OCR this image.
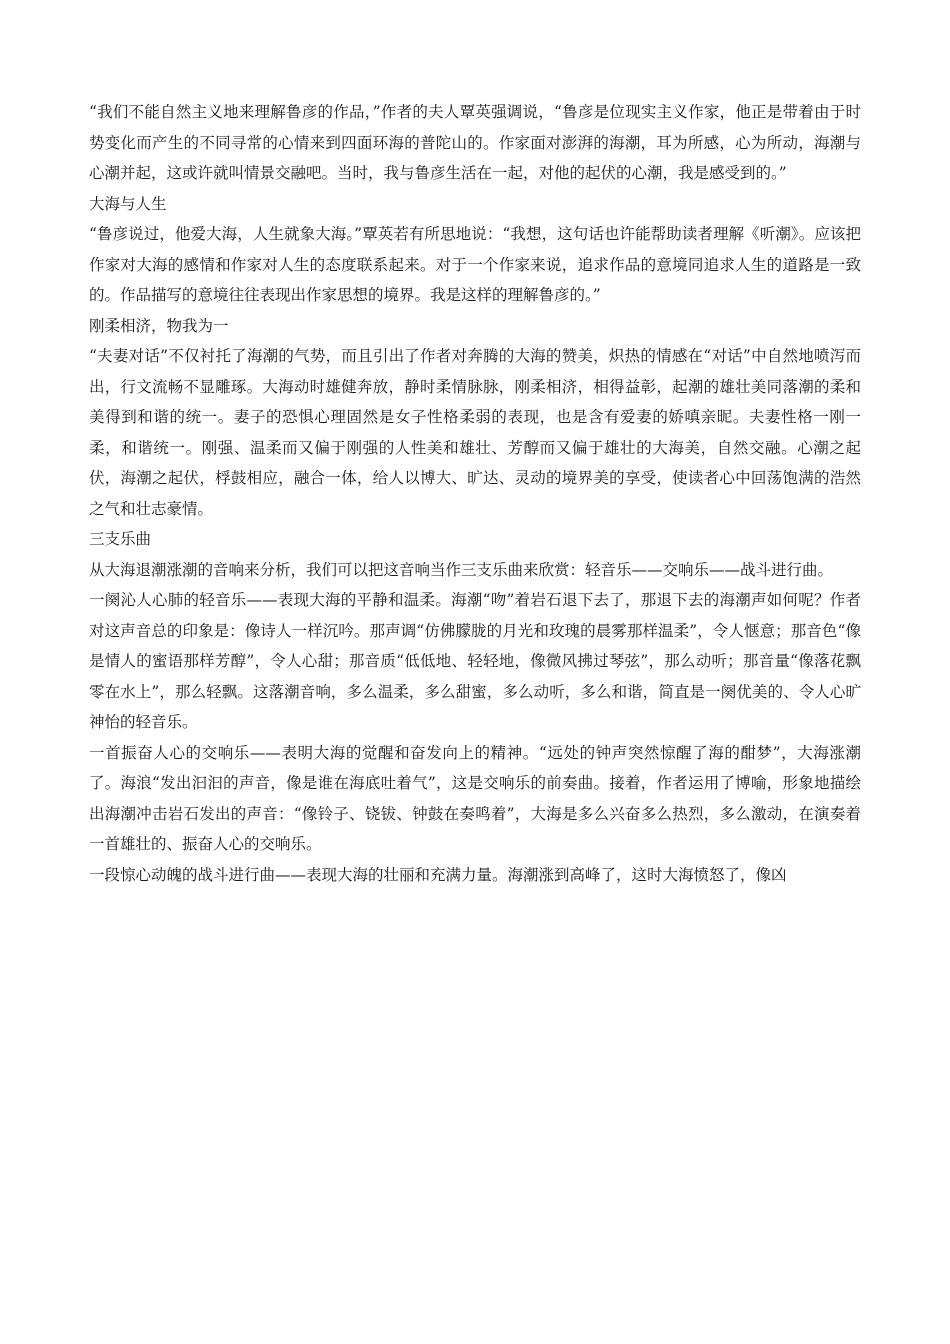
“我们不能自然主义地来理解鲁彦的作品，”作者的夫人覃英强调说，“鲁彦是位现实主义作家，他正是带着由于时势变化而产生的不同寻常的心情来到四面环海的普陀山的。作家面对澎湃的海潮，耳为所感，心为所动，海潮与心潮并起，这或许就叫情景交融吧。当时，我与鲁彦生活在一起，对他的起伏的心潮，我是感受到的。”

大海与人生

“鲁彦说过，他爱大海，人生就象大海。”覃英若有所思地说：“我想，这句话也许能帮助读者理解《听潮》。应该把作家对大海的感情和作家对人生的态度联系起来。对于一个作家来说，追求作品的意境同追求人生的道路是一致的。作品描写的意境往往表现出作家思想的境界。我是这样的理解鲁彦的。”

刚柔相济，物我为一

“夫妻对话”不仅衬托了海潮的气势，而且引出了作者对奔腾的大海的赞美，炽热的情感在“对话”中自然地喷泻而出，行文流畅不显雕琢。大海动时雄健奔放，静时柔情脉脉，刚柔相济，相得益彰，起潮的雄壮美同落潮的柔和美得到和谐的统一。妻子的恐惧心理固然是女子性格柔弱的表现，也是含有爱妻的娇嗔亲昵。夫妻性格一刚一柔，和谐统一。刚强、温柔而又偏于刚强的人性美和雄壮、芳醇而又偏于雄壮的大海美，自然交融。心潮之起伏，海潮之起伏，桴鼓相应，融合一体，给人以博大、旷达、灵动的境界美的享受，使读者心中回荡饱满的浩然之气和壮志豪情。

三支乐曲

从大海退潮涨潮的音响来分析，我们可以把这音响当作三支乐曲来欣赏：轻音乐——交响乐——战斗进行曲。

一阕沁人心肺的轻音乐——表现大海的平静和温柔。海潮“吻”着岩石退下去了，那退下去的海潮声如何呢？作者对这声音总的印象是：像诗人一样沉吟。那声调“仿佛朦胧的月光和玫瑰的晨雾那样温柔”，令人惬意；那音色“像是情人的蜜语那样芳醇”，令人心甜；那音质“低低地、轻轻地，像微风拂过琴弦”，那么动听；那音量“像落花飘零在水上”，那么轻飘。这落潮音响，多么温柔，多么甜蜜，多么动听，多么和谐，简直是一阕优美的、令人心旷神怡的轻音乐。

一首振奋人心的交响乐——表明大海的觉醒和奋发向上的精神。“远处的钟声突然惊醒了海的酣梦”，大海涨潮了。海浪“发出汩汩的声音，像是谁在海底吐着气”，这是交响乐的前奏曲。接着，作者运用了博喻，形象地描绘出海潮冲击岩石发出的声音：“像铃子、铙钹、钟鼓在奏鸣着”，大海是多么兴奋多么热烈，多么激动，在演奏着一首雄壮的、振奋人心的交响乐。

一段惊心动魄的战斗进行曲——表现大海的壮丽和充满力量。海潮涨到高峰了，这时大海愤怒了，像凶
